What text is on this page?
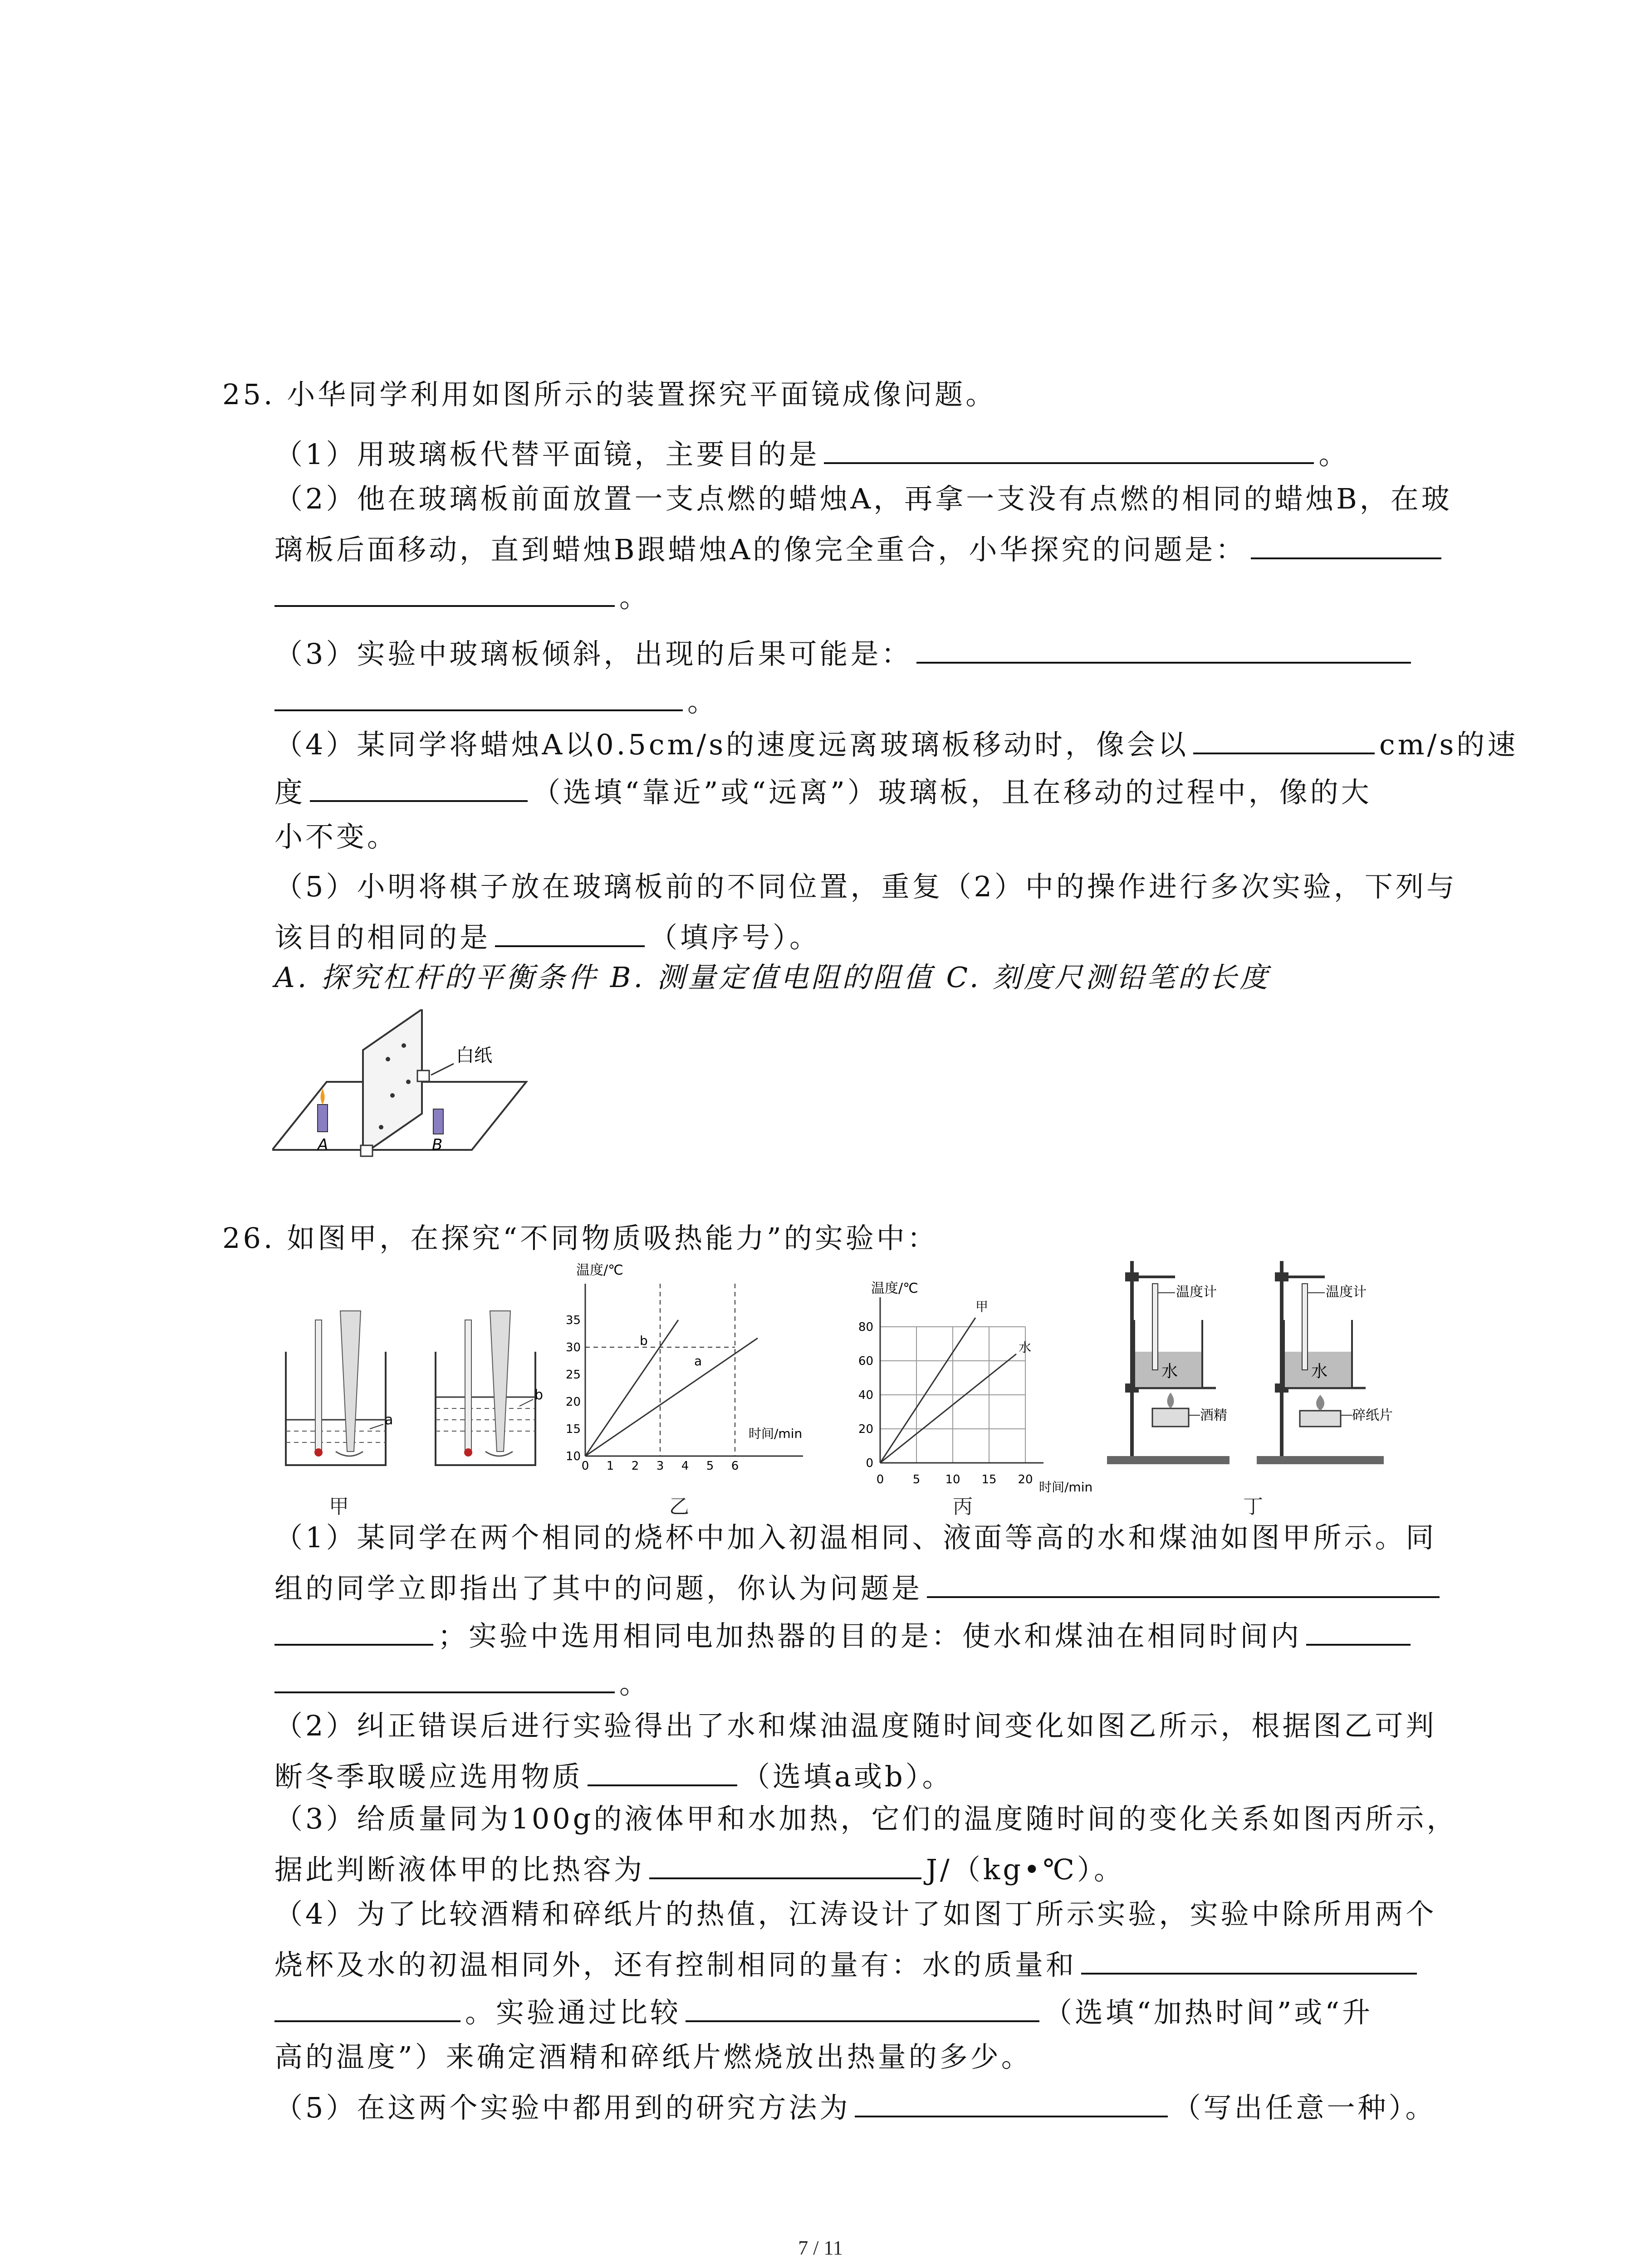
25. 小华同学利用如图所示的装置探究平面镜成像问题。
（1）用玻璃板代替平面镜，主要目的是	。
（2）他在玻璃板前面放置一支点燃的蜡烛A，再拿一支没有点燃的相同的蜡烛B，在玻
璃板后面移动，直到蜡烛B跟蜡烛A的像完全重合，小华探究的问题是：
。
（3）实验中玻璃板倾斜，出现的后果可能是：
。
（4）某同学将蜡烛A以0.5cm/s的速度远离玻璃板移动时，像会以	cm/s的速
度	（选填“靠近”或“远离”）玻璃板，且在移动的过程中，像的大
小不变。
（5）小明将棋子放在玻璃板前的不同位置，重复（2）中的操作进行多次实验，下列与
该目的相同的是	（填序号）。
A. 探究杠杆的平衡条件 B. 测量定值电阻的阻值 C. 刻度尺测铅笔的长度
白纸
A	B
26. 如图甲，在探究“不同物质吸热能力”的实验中：
a
b
甲
温度/℃
10
15
20
25
30
35
0 1 2 3 4 5 6
b
a
时间/min
乙
温度/℃
0
20
40
60
80
甲
水
0 5 10 15 20 时间/min
丙
水
温度计
酒精
水
温度计
碎纸片
丁
（1）某同学在两个相同的烧杯中加入初温相同、液面等高的水和煤油如图甲所示。同
组的同学立即指出了其中的问题，你认为问题是
；实验中选用相同电加热器的目的是：使水和煤油在相同时间内
。
（2）纠正错误后进行实验得出了水和煤油温度随时间变化如图乙所示，根据图乙可判
断冬季取暖应选用物质	（选填a或b）。
（3）给质量同为100g的液体甲和水加热，它们的温度随时间的变化关系如图丙所示，
据此判断液体甲的比热容为	J/（kg•℃）。
（4）为了比较酒精和碎纸片的热值，江涛设计了如图丁所示实验，实验中除所用两个
烧杯及水的初温相同外，还有控制相同的量有：水的质量和
。实验通过比较	（选填“加热时间”或“升
高的温度”）来确定酒精和碎纸片燃烧放出热量的多少。
（5）在这两个实验中都用到的研究方法为	（写出任意一种）。
7 / 11
